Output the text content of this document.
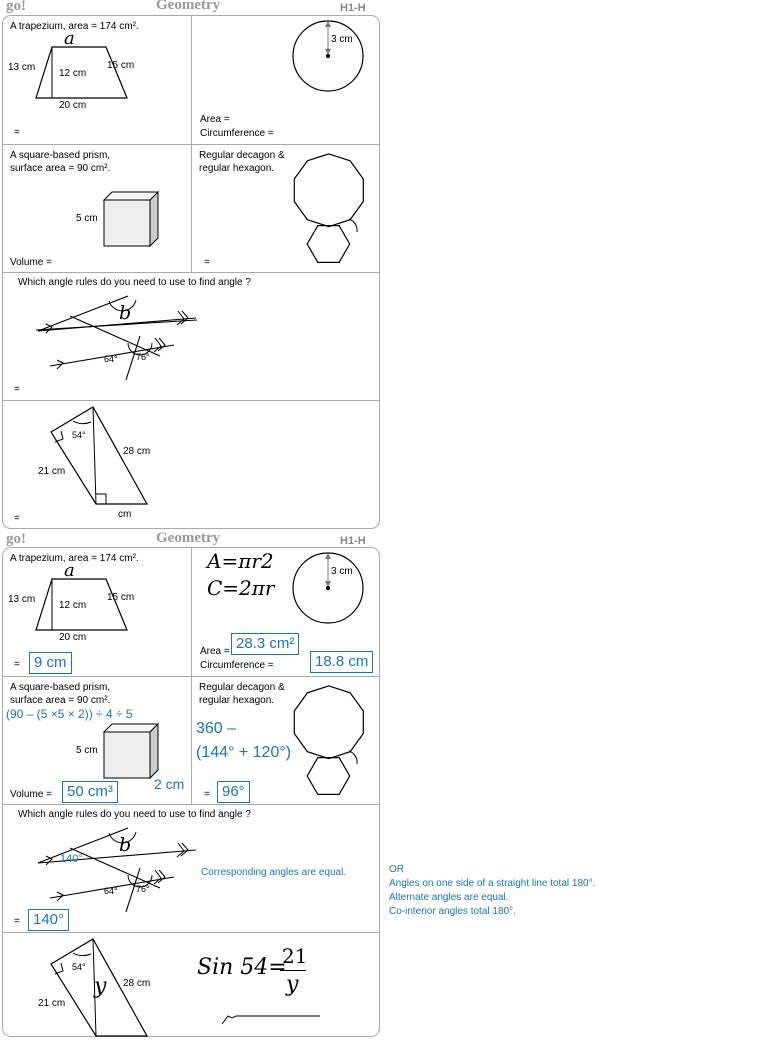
go!	Geometry	H1-H
A trapezium, area = 174 cm².
a
13 cm
12 cm
15 cm
20 cm
=
3 cm
Area =
Circumference =
A square-based prism,
surface area = 90 cm².
5 cm
Volume =
Regular decagon &
regular hexagon.
=
Which angle rules do you need to use to find angle ?
b
64° 76°
=
54°
28 cm
21 cm
cm
=
go!	Geometry	H1-H
A trapezium, area = 174 cm².
a
13 cm
12 cm
15 cm
20 cm
= 9 cm
A=πr2
C=2πr
3 cm
Area =
Circumference =
28.3 cm²
18.8 cm
A square-based prism,
surface area = 90 cm².
(90 – (5 ×5 × 2)) ÷ 4 ÷ 5
5 cm
2 cm
Volume =	50 cm³
Regular decagon &
regular hexagon.
360 –
(144° + 120°)
= 96°
Which angle rules do you need to use to find angle ?
140°
b
64° 76°
Corresponding angles are equal.
= 140°
54°
28 cm
21 cm
y
Sin 54=
21
y
OR
Angles on one side of a straight line total 180°.
Alternate angles are equal.
Co-interior angles total 180°.
